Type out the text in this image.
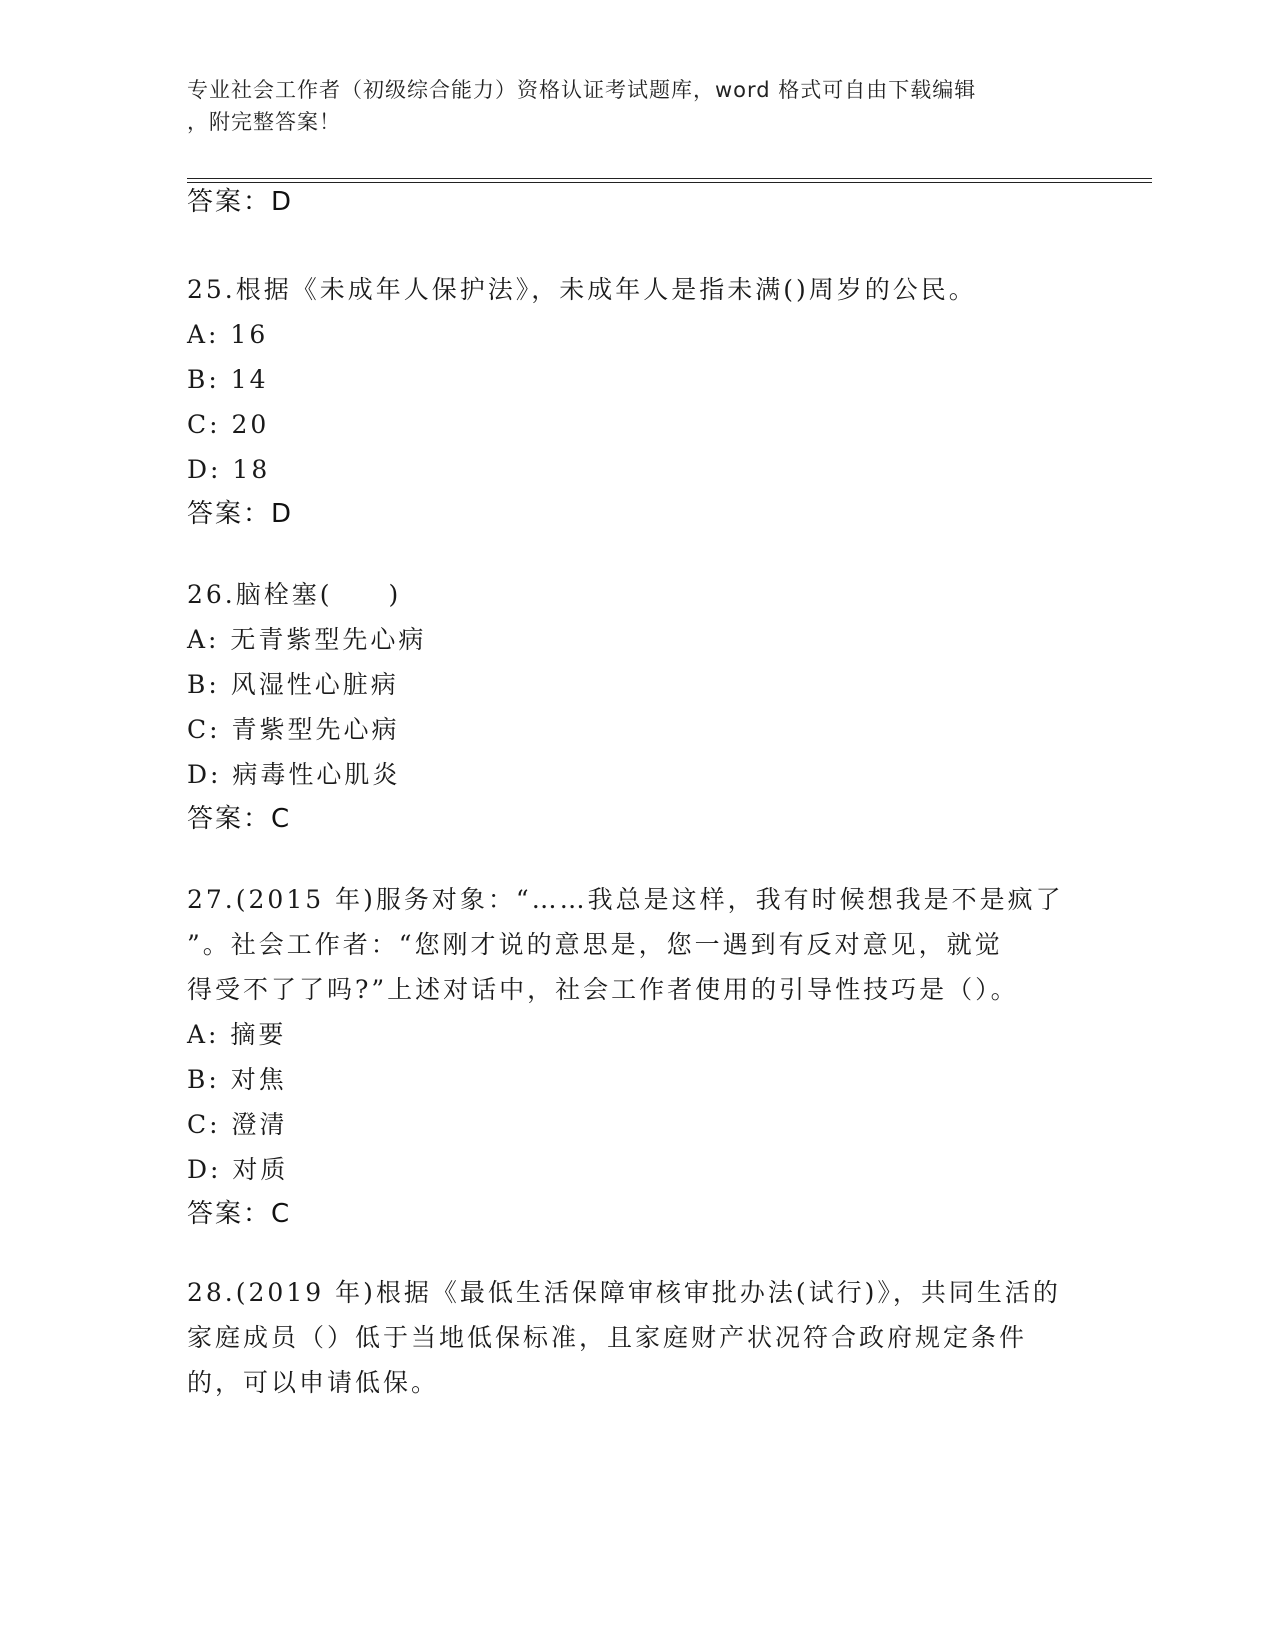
专业社会工作者（初级综合能力）资格认证考试题库，word 格式可自由下载编辑
，附完整答案！
答案：D
25.根据《未成年人保护法》，未成年人是指未满()周岁的公民。
A: 16
B: 14
C: 20
D: 18
答案：D
26.脑栓塞(　　)
A: 无青紫型先心病
B: 风湿性心脏病
C: 青紫型先心病
D: 病毒性心肌炎
答案：C
27.(2015 年)服务对象：“……我总是这样，我有时候想我是不是疯了
”。社会工作者：“您刚才说的意思是，您一遇到有反对意见，就觉
得受不了了吗?”上述对话中，社会工作者使用的引导性技巧是（）。
A: 摘要
B: 对焦
C: 澄清
D: 对质
答案：C
28.(2019 年)根据《最低生活保障审核审批办法(试行)》，共同生活的
家庭成员（）低于当地低保标准，且家庭财产状况符合政府规定条件
的，可以申请低保。
